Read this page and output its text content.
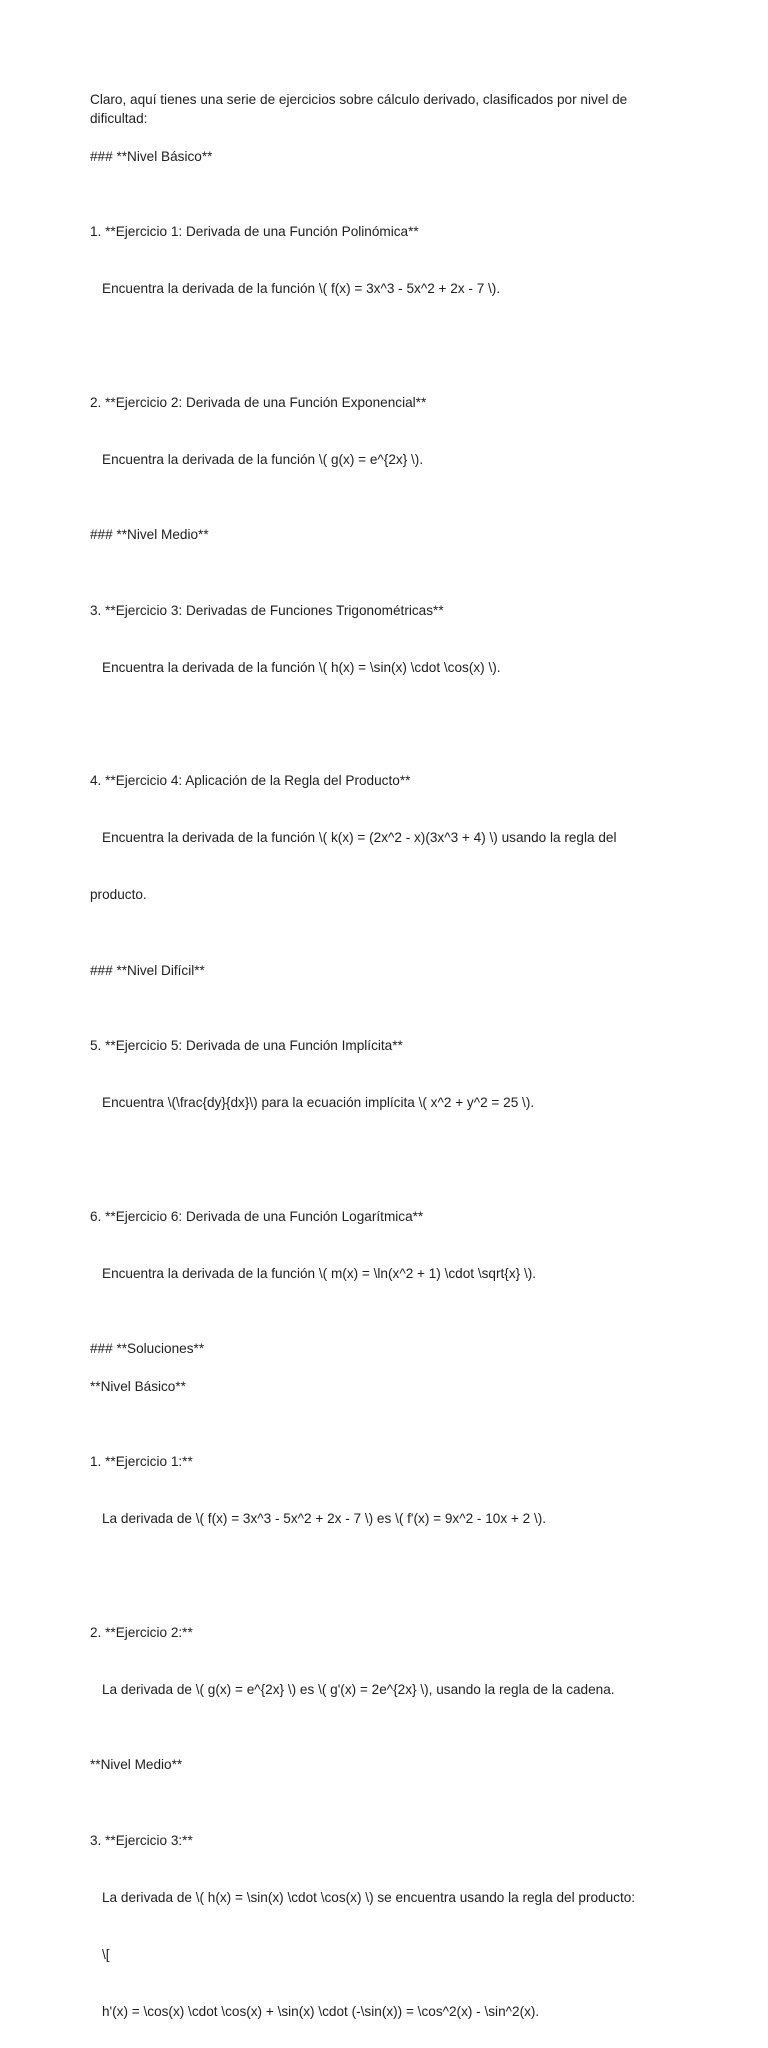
Claro, aquí tienes una serie de ejercicios sobre cálculo derivado, clasificados por nivel de dificultad:
### **Nivel Básico**

1. **Ejercicio 1: Derivada de una Función Polinómica**

Encuentra la derivada de la función \( f(x) = 3x^3 - 5x^2 + 2x - 7 \).

2. **Ejercicio 2: Derivada de una Función Exponencial**

Encuentra la derivada de la función \( g(x) = e^{2x} \).

### **Nivel Medio**

3. **Ejercicio 3: Derivadas de Funciones Trigonométricas**

Encuentra la derivada de la función \( h(x) = \sin(x) \cdot \cos(x) \).

4. **Ejercicio 4: Aplicación de la Regla del Producto**

Encuentra la derivada de la función \( k(x) = (2x^2 - x)(3x^3 + 4) \) usando la regla del

producto.

### **Nivel Difícil**

5. **Ejercicio 5: Derivada de una Función Implícita**

Encuentra \(\frac{dy}{dx}\) para la ecuación implícita \( x^2 + y^2 = 25 \).

6. **Ejercicio 6: Derivada de una Función Logarítmica**

Encuentra la derivada de la función \( m(x) = \ln(x^2 + 1) \cdot \sqrt{x} \).

### **Soluciones**
**Nivel Básico**

1. **Ejercicio 1:**

La derivada de \( f(x) = 3x^3 - 5x^2 + 2x - 7 \) es \( f'(x) = 9x^2 - 10x + 2 \).

2. **Ejercicio 2:**

La derivada de \( g(x) = e^{2x} \) es \( g'(x) = 2e^{2x} \), usando la regla de la cadena.

**Nivel Medio**

3. **Ejercicio 3:**

La derivada de \( h(x) = \sin(x) \cdot \cos(x) \) se encuentra usando la regla del producto:

\[

h'(x) = \cos(x) \cdot \cos(x) + \sin(x) \cdot (-\sin(x)) = \cos^2(x) - \sin^2(x).
